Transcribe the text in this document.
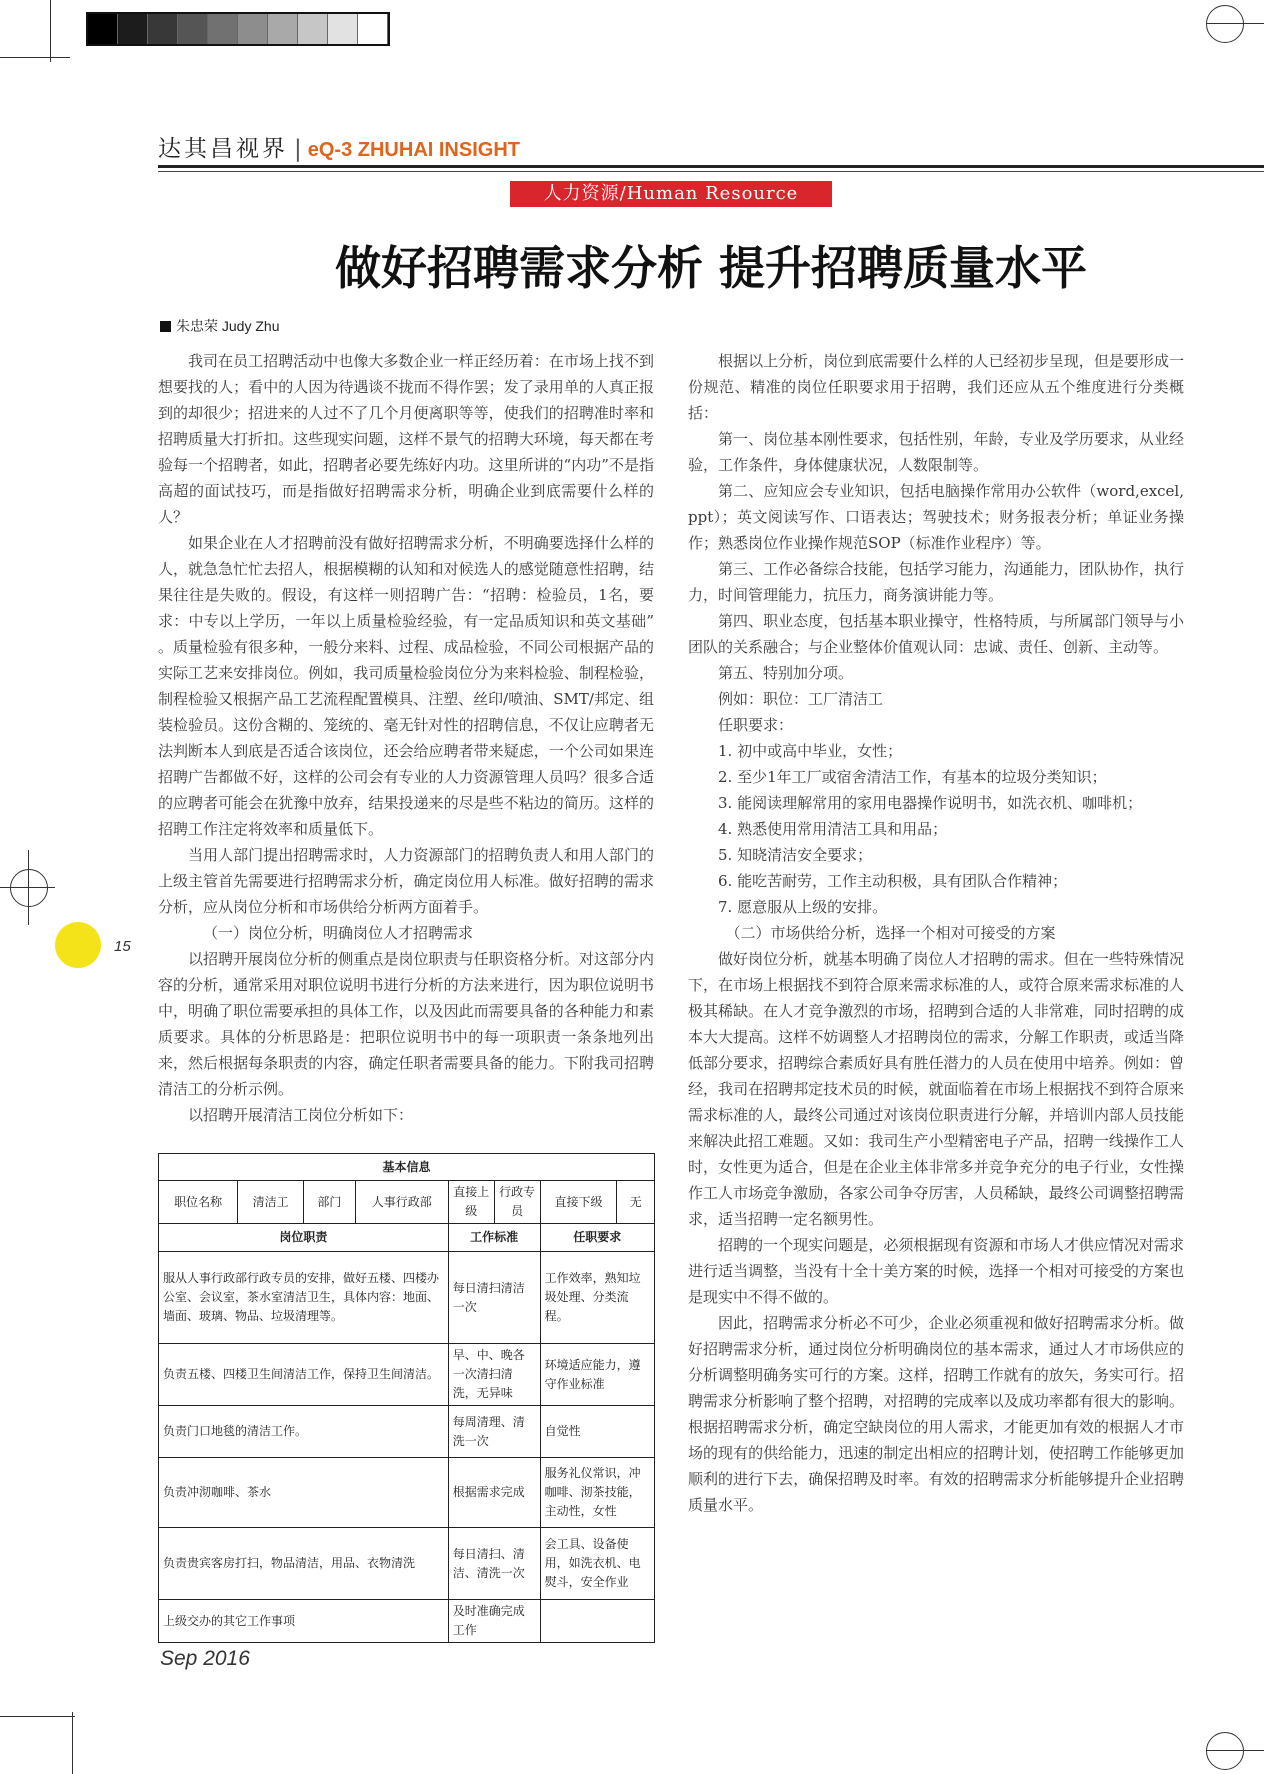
达其昌视界 | eQ-3 ZHUHAI INSIGHT
人力资源/Human Resource
做好招聘需求分析 提升招聘质量水平
朱忠荣 Judy Zhu

我司在员工招聘活动中也像大多数企业一样正经历着：在市场上找不到想要找的人；看中的人因为待遇谈不拢而不得作罢；发了录用单的人真正报到的却很少；招进来的人过不了几个月便离职等等，使我们的招聘准时率和招聘质量大打折扣。这些现实问题，这样不景气的招聘大环境，每天都在考验每一个招聘者，如此，招聘者必要先练好内功。这里所讲的“内功”不是指高超的面试技巧，而是指做好招聘需求分析，明确企业到底需要什么样的人？

如果企业在人才招聘前没有做好招聘需求分析，不明确要选择什么样的人，就急急忙忙去招人，根据模糊的认知和对候选人的感觉随意性招聘，结果往往是失败的。假设，有这样一则招聘广告：“招聘：检验员，1名，要求：中专以上学历，一年以上质量检验经验，有一定品质知识和英文基础” 。质量检验有很多种，一般分来料、过程、成品检验，不同公司根据产品的实际工艺来安排岗位。例如，我司质量检验岗位分为来料检验、制程检验，制程检验又根据产品工艺流程配置模具、注塑、丝印/喷油、SMT/邦定、组装检验员。这份含糊的、笼统的、毫无针对性的招聘信息，不仅让应聘者无法判断本人到底是否适合该岗位，还会给应聘者带来疑虑，一个公司如果连招聘广告都做不好，这样的公司会有专业的人力资源管理人员吗？很多合适的应聘者可能会在犹豫中放弃，结果投递来的尽是些不粘边的简历。这样的招聘工作注定将效率和质量低下。

当用人部门提出招聘需求时，人力资源部门的招聘负责人和用人部门的上级主管首先需要进行招聘需求分析，确定岗位用人标准。做好招聘的需求分析，应从岗位分析和市场供给分析两方面着手。

（一）岗位分析，明确岗位人才招聘需求

以招聘开展岗位分析的侧重点是岗位职责与任职资格分析。对这部分内容的分析，通常采用对职位说明书进行分析的方法来进行，因为职位说明书中，明确了职位需要承担的具体工作，以及因此而需要具备的各种能力和素质要求。具体的分析思路是：把职位说明书中的每一项职责一条条地列出来，然后根据每条职责的内容，确定任职者需要具备的能力。下附我司招聘清洁工的分析示例。

以招聘开展清洁工岗位分析如下：

基本信息							
职位名称	清洁工	部门	人事行政部	直接上级	行政专员	直接下级	无
岗位职责				工作标准		任职要求	
服从人事行政部行政专员的安排，做好五楼、四楼办公室、会议室，茶水室清洁卫生，具体内容：地面、墙面、玻璃、物品、垃圾清理等。				每日清扫清洁一次		工作效率，熟知垃圾处理、分类流程。	
负责五楼、四楼卫生间清洁工作，保持卫生间清洁。				早、中、晚各一次清扫清洗，无异味		环境适应能力，遵守作业标准	
负责门口地毯的清洁工作。				每周清理、清洗一次		自觉性	
负责冲沏咖啡、茶水				根据需求完成		服务礼仪常识，冲咖啡、沏茶技能，主动性，女性	
负责贵宾客房打扫，物品清洁，用品、衣物清洗				每日清扫、清洁、清洗一次		会工具、设备使用，如洗衣机、电熨斗，安全作业	
上级交办的其它工作事项				及时准确完成工作			

根据以上分析，岗位到底需要什么样的人已经初步呈现，但是要形成一份规范、精准的岗位任职要求用于招聘，我们还应从五个维度进行分类概括：

第一、岗位基本刚性要求，包括性别，年龄，专业及学历要求，从业经验，工作条件，身体健康状况，人数限制等。

第二、应知应会专业知识，包括电脑操作常用办公软件（word,excel, ppt）；英文阅读写作、口语表达；驾驶技术；财务报表分析；单证业务操作；熟悉岗位作业操作规范SOP（标准作业程序）等。

第三、工作必备综合技能，包括学习能力，沟通能力，团队协作，执行力，时间管理能力，抗压力，商务演讲能力等。

第四、职业态度，包括基本职业操守，性格特质，与所属部门领导与小团队的关系融合；与企业整体价值观认同：忠诚、责任、创新、主动等。

第五、特别加分项。

例如：职位：工厂清洁工

任职要求：

1. 初中或高中毕业，女性；

2. 至少1年工厂或宿舍清洁工作，有基本的垃圾分类知识；

3. 能阅读理解常用的家用电器操作说明书，如洗衣机、咖啡机；

4. 熟悉使用常用清洁工具和用品；

5. 知晓清洁安全要求；

6. 能吃苦耐劳，工作主动积极，具有团队合作精神；

7. 愿意服从上级的安排。

（二）市场供给分析，选择一个相对可接受的方案

做好岗位分析，就基本明确了岗位人才招聘的需求。但在一些特殊情况下，在市场上根据找不到符合原来需求标准的人，或符合原来需求标准的人极其稀缺。在人才竞争激烈的市场，招聘到合适的人非常难，同时招聘的成本大大提高。这样不妨调整人才招聘岗位的需求，分解工作职责，或适当降低部分要求，招聘综合素质好具有胜任潜力的人员在使用中培养。例如：曾经，我司在招聘邦定技术员的时候，就面临着在市场上根据找不到符合原来需求标准的人，最终公司通过对该岗位职责进行分解，并培训内部人员技能来解决此招工难题。又如：我司生产小型精密电子产品，招聘一线操作工人时，女性更为适合，但是在企业主体非常多并竞争充分的电子行业，女性操作工人市场竞争激励，各家公司争夺厉害，人员稀缺，最终公司调整招聘需求，适当招聘一定名额男性。

招聘的一个现实问题是，必须根据现有资源和市场人才供应情况对需求进行适当调整，当没有十全十美方案的时候，选择一个相对可接受的方案也是现实中不得不做的。

因此，招聘需求分析必不可少，企业必须重视和做好招聘需求分析。做好招聘需求分析，通过岗位分析明确岗位的基本需求，通过人才市场供应的分析调整明确务实可行的方案。这样，招聘工作就有的放矢，务实可行。招聘需求分析影响了整个招聘，对招聘的完成率以及成功率都有很大的影响。根据招聘需求分析，确定空缺岗位的用人需求，才能更加有效的根据人才市场的现有的供给能力，迅速的制定出相应的招聘计划，使招聘工作能够更加顺利的进行下去，确保招聘及时率。有效的招聘需求分析能够提升企业招聘质量水平。

15
Sep 2016
